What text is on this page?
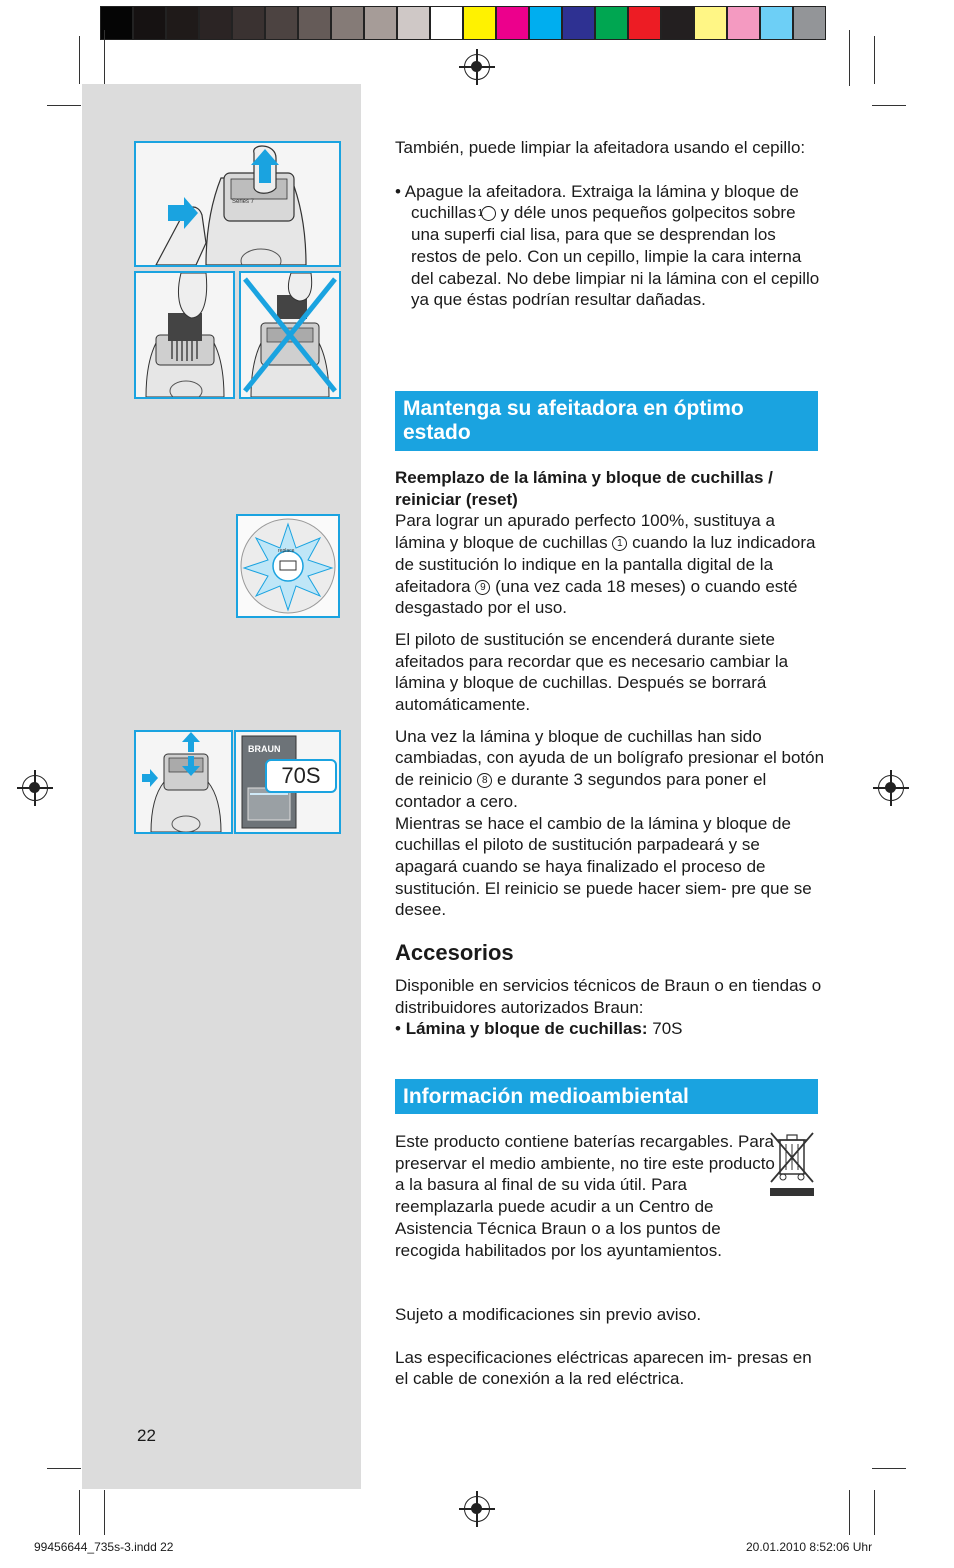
Series 7
replace
BRAUN
70S

También, puede limpiar la afeitadora usando el cepillo:

• Apague la afeitadora. Extraiga la lámina y bloque de cuchillas 1 y déle unos pequeños golpecitos sobre una superfi cial lisa, para que se desprendan los restos de pelo. Con un cepillo, limpie la cara interna del cabezal. No debe limpiar ni la lámina con el cepillo ya que éstas podrían resultar dañadas.

Mantenga su afeitadora en óptimo estado

Reemplazo de la lámina y bloque de cuchillas / reiniciar (reset)

Para lograr un apurado perfecto 100%, sustituya a lámina y bloque de cuchillas 1 cuando la luz indicadora de sustitución lo indique en la pantalla digital de la afeitadora 9 (una vez cada 18 meses) o cuando esté desgastado por el uso.

El piloto de sustitución se encenderá durante siete afeitados para recordar que es necesario cambiar la lámina y bloque de cuchillas. Después se borrará automáticamente.

Una vez la lámina y bloque de cuchillas han sido cambiadas, con ayuda de un bolígrafo presionar el botón de reinicio 8 e durante 3 segundos para poner el contador a cero.

Mientras se hace el cambio de la lámina y bloque de cuchillas el piloto de sustitución parpadeará y se apagará cuando se haya finalizado el proceso de sustitución. El reinicio se puede hacer siem- pre que se desee.

Accesorios

Disponible en servicios técnicos de Braun o en tiendas o distribuidores autorizados Braun:

• Lámina y bloque de cuchillas: 70S

Información medioambiental

Este producto contiene baterías recargables. Para preservar el medio ambiente, no tire este producto a la basura al final de su vida útil. Para reemplazarla puede acudir a un Centro de Asistencia Técnica Braun o a los puntos de recogida habilitados por los ayuntamientos.

Sujeto a modificaciones sin previo aviso.

Las especificaciones eléctricas aparecen im- presas en el cable de conexión a la red eléctrica.

22
99456644_735s-3.indd 22	20.01.2010 8:52:06 Uhr
